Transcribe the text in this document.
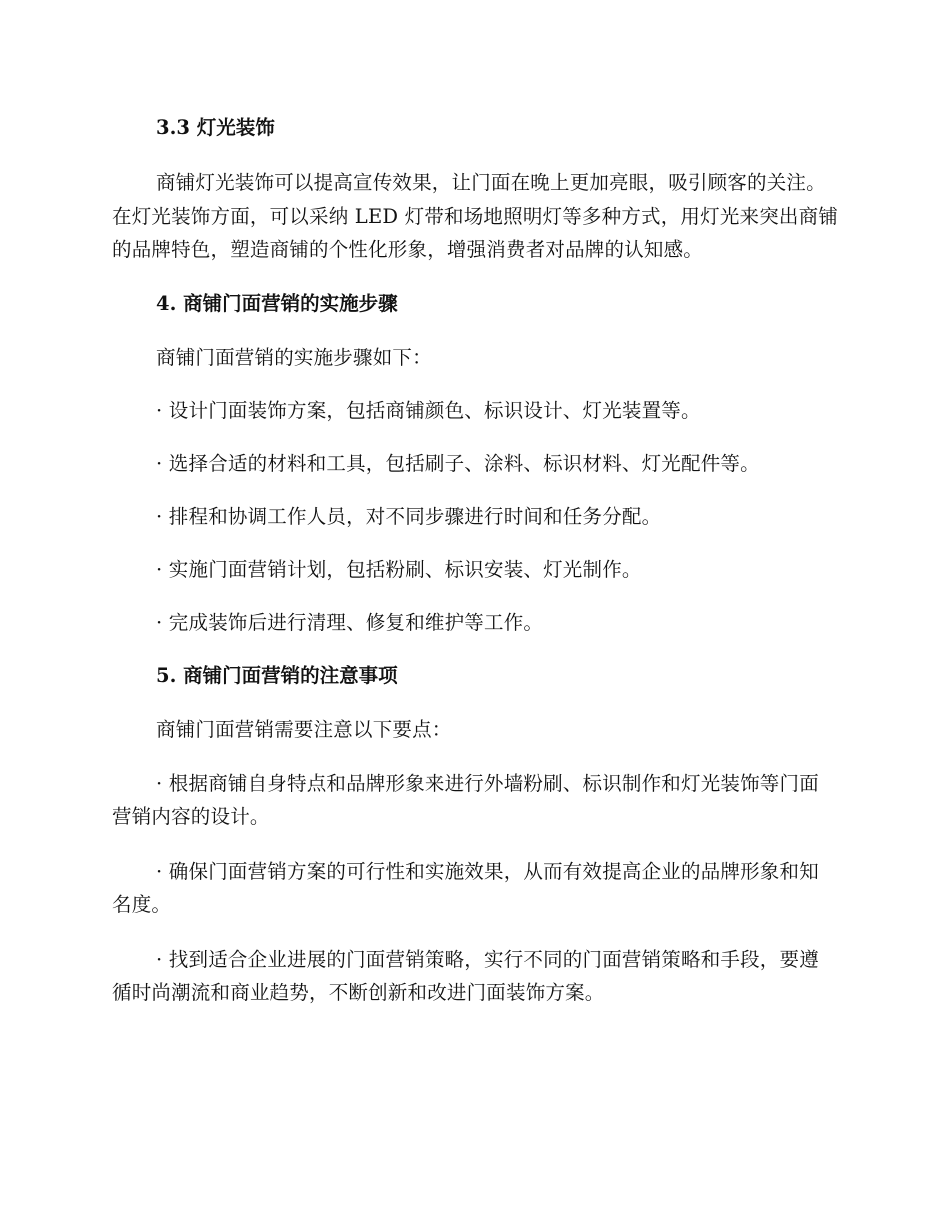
3.3 灯光装饰

商铺灯光装饰可以提高宣传效果，让门面在晚上更加亮眼，吸引顾客的关注。在灯光装饰方面，可以采纳 LED 灯带和场地照明灯等多种方式，用灯光来突出商铺的品牌特色，塑造商铺的个性化形象，增强消费者对品牌的认知感。

4. 商铺门面营销的实施步骤

商铺门面营销的实施步骤如下：

· 设计门面装饰方案，包括商铺颜色、标识设计、灯光装置等。

· 选择合适的材料和工具，包括刷子、涂料、标识材料、灯光配件等。

· 排程和协调工作人员，对不同步骤进行时间和任务分配。

· 实施门面营销计划，包括粉刷、标识安装、灯光制作。

· 完成装饰后进行清理、修复和维护等工作。

5. 商铺门面营销的注意事项

商铺门面营销需要注意以下要点：

· 根据商铺自身特点和品牌形象来进行外墙粉刷、标识制作和灯光装饰等门面营销内容的设计。

· 确保门面营销方案的可行性和实施效果，从而有效提高企业的品牌形象和知名度。

· 找到适合企业进展的门面营销策略，实行不同的门面营销策略和手段，要遵循时尚潮流和商业趋势，不断创新和改进门面装饰方案。
